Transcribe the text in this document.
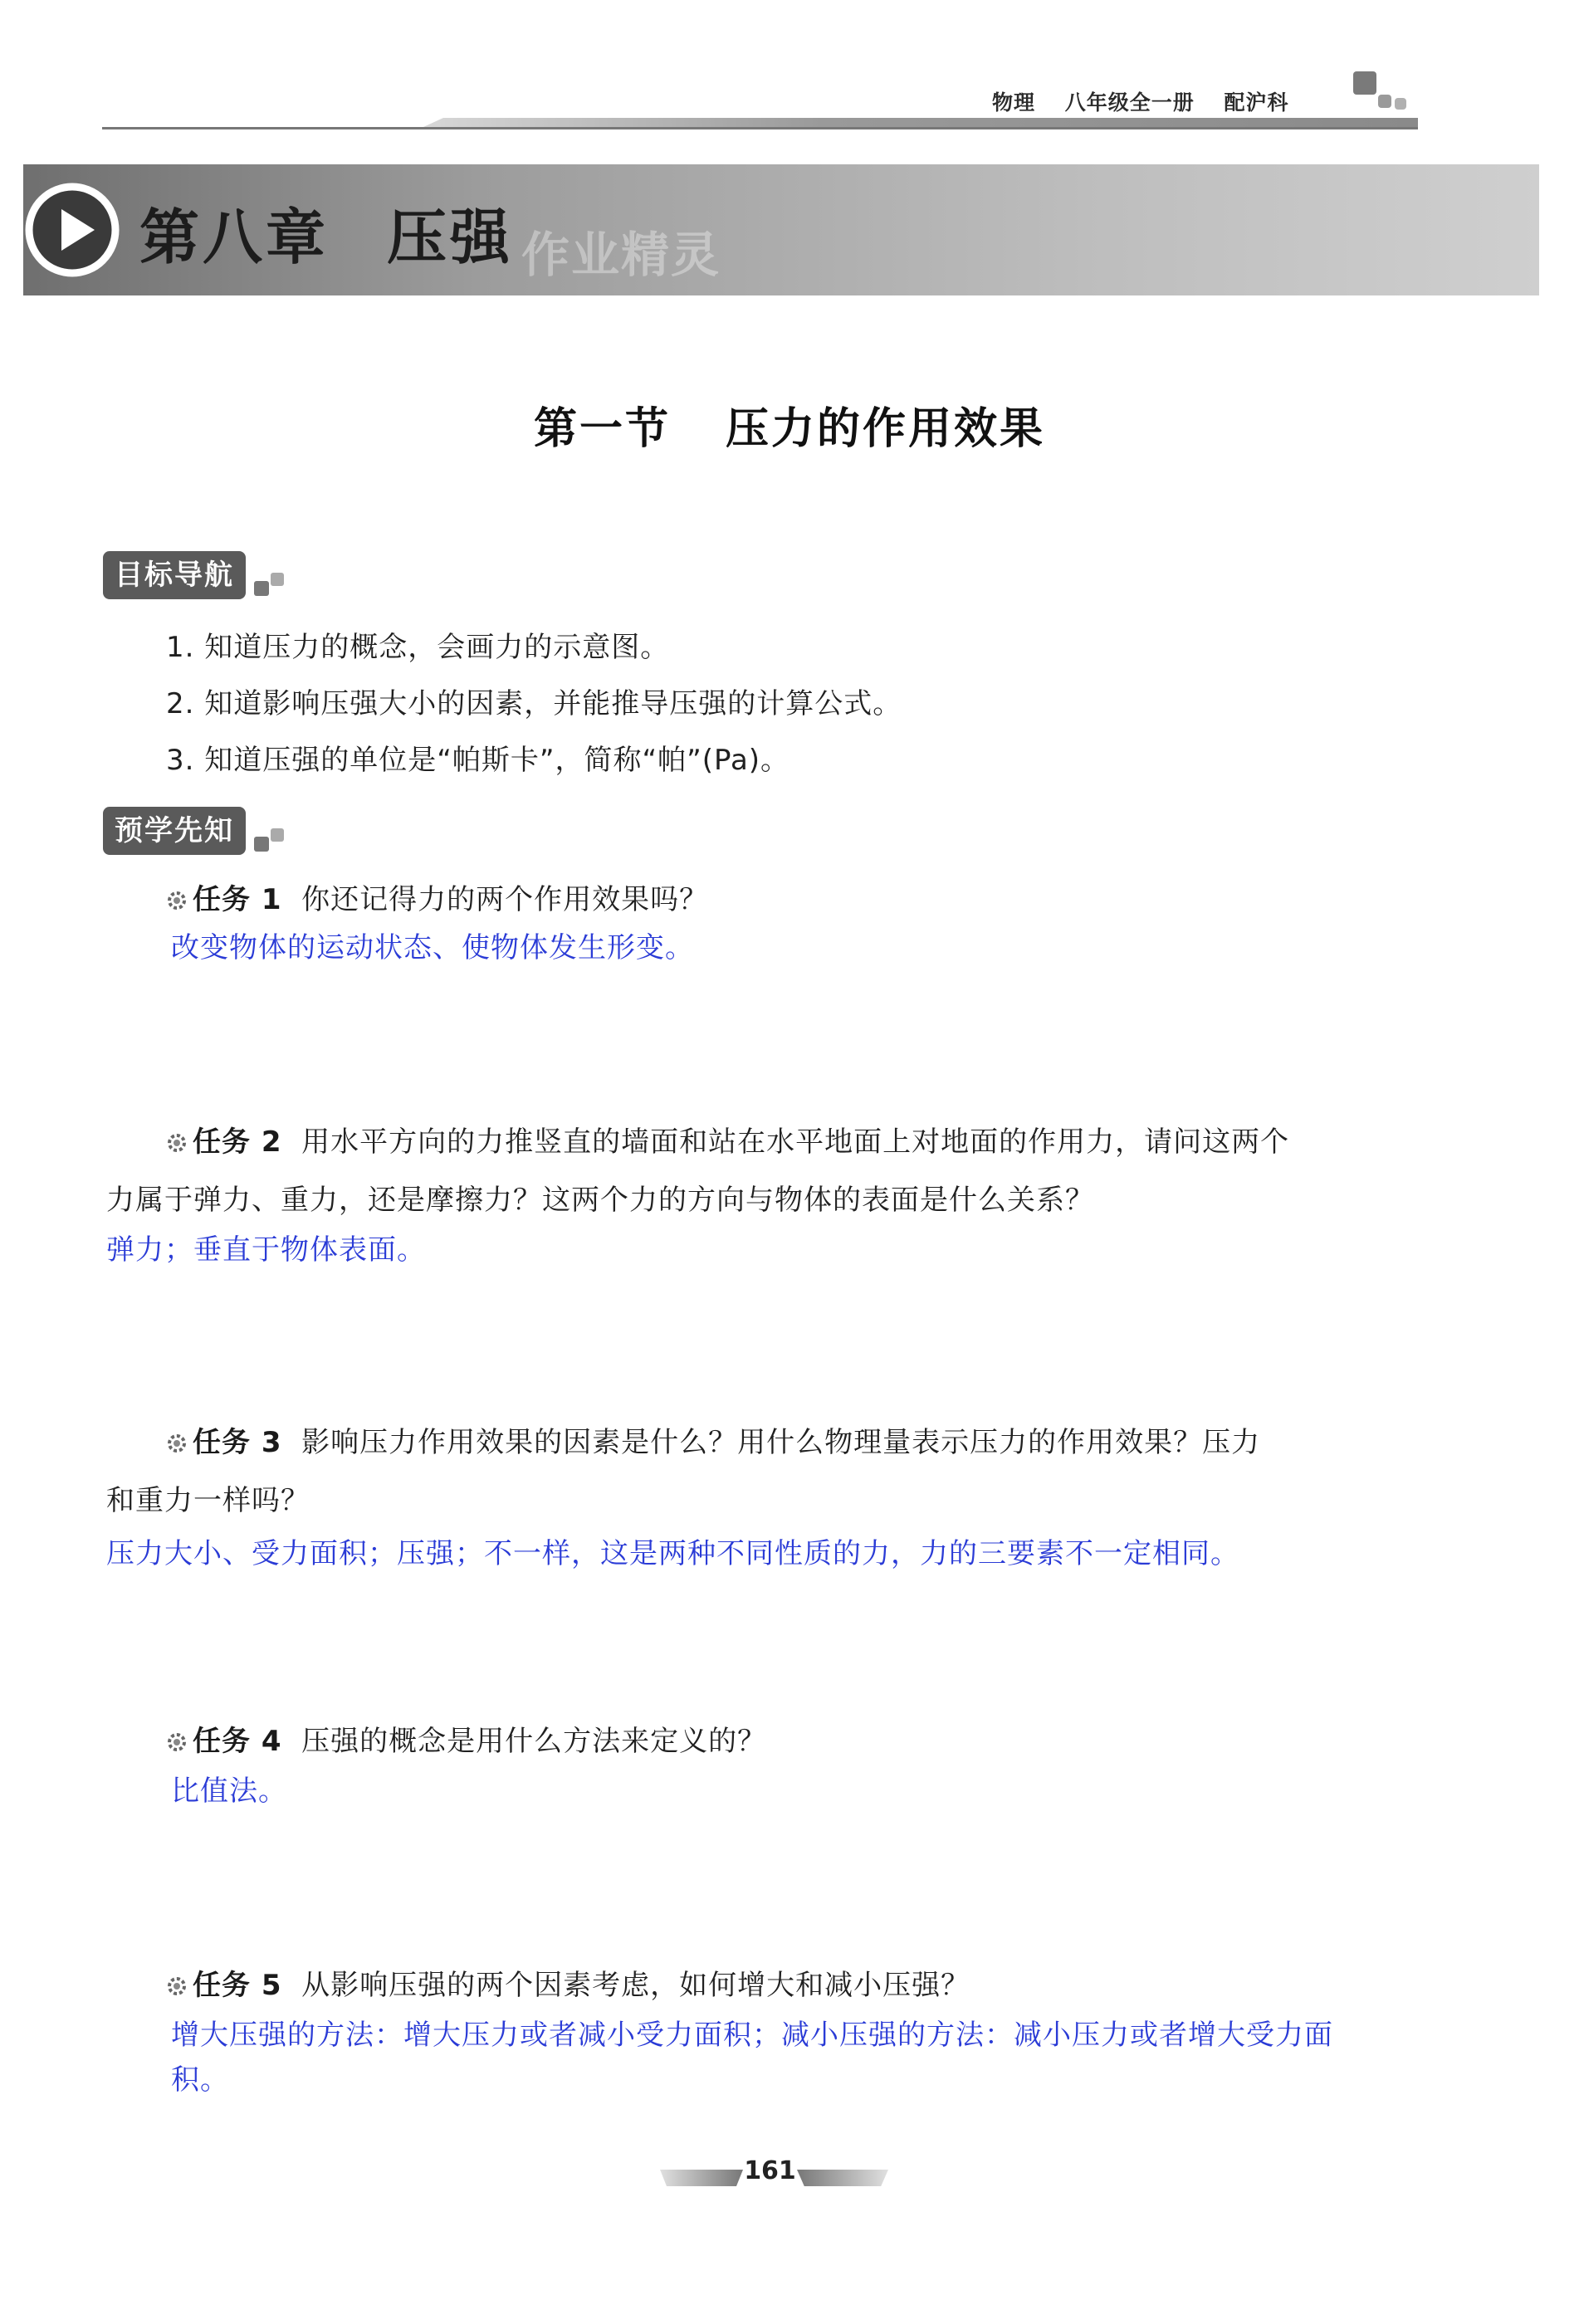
物理 八年级全一册 配沪科
第八章 压强 作业精灵
第一节 压力的作用效果
目标导航
1. 知道压力的概念，会画力的示意图。
2. 知道影响压强大小的因素，并能推导压强的计算公式。
3. 知道压强的单位是“帕斯卡”，简称“帕”(Pa)。
预学先知
任务 1 你还记得力的两个作用效果吗？
改变物体的运动状态、使物体发生形变。
任务 2 用水平方向的力推竖直的墙面和站在水平地面上对地面的作用力，请问这两个
力属于弹力、重力，还是摩擦力？这两个力的方向与物体的表面是什么关系？
弹力；垂直于物体表面。
任务 3 影响压力作用效果的因素是什么？用什么物理量表示压力的作用效果？压力
和重力一样吗？
压力大小、受力面积；压强；不一样，这是两种不同性质的力，力的三要素不一定相同。
任务 4 压强的概念是用什么方法来定义的？
比值法。
任务 5 从影响压强的两个因素考虑，如何增大和减小压强？
增大压强的方法：增大压力或者减小受力面积；减小压强的方法：减小压力或者增大受力面
积。
161
